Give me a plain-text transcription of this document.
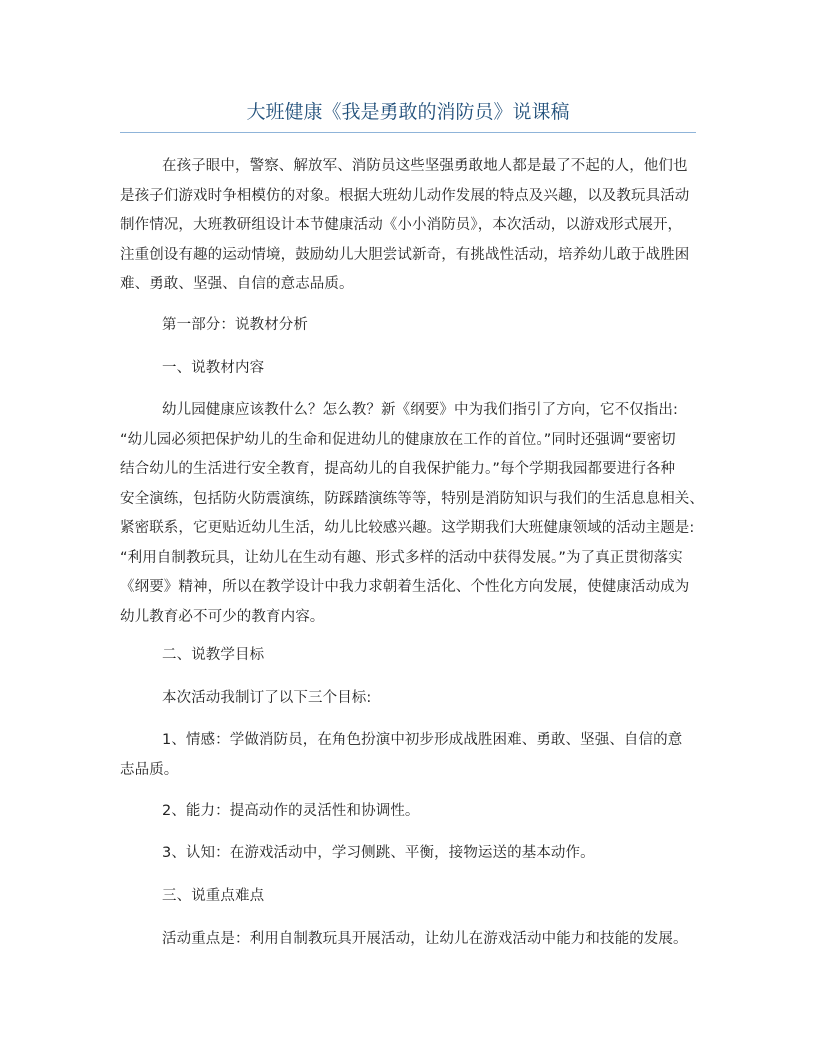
大班健康《我是勇敢的消防员》说课稿
在孩子眼中，警察、解放军、消防员这些坚强勇敢地人都是最了不起的人，他们也
是孩子们游戏时争相模仿的对象。根据大班幼儿动作发展的特点及兴趣，以及教玩具活动
制作情况，大班教研组设计本节健康活动《小小消防员》，本次活动，以游戏形式展开，
注重创设有趣的运动情境，鼓励幼儿大胆尝试新奇，有挑战性活动，培养幼儿敢于战胜困
难、勇敢、坚强、自信的意志品质。
第一部分：说教材分析
一、说教材内容
幼儿园健康应该教什么？怎么教？新《纲要》中为我们指引了方向，它不仅指出:
“幼儿园必须把保护幼儿的生命和促进幼儿的健康放在工作的首位。”同时还强调“要密切
结合幼儿的生活进行安全教育，提高幼儿的自我保护能力。”每个学期我园都要进行各种
安全演练，包括防火防震演练，防踩踏演练等等，特别是消防知识与我们的生活息息相关、
紧密联系，它更贴近幼儿生活，幼儿比较感兴趣。这学期我们大班健康领域的活动主题是:
“利用自制教玩具，让幼儿在生动有趣、形式多样的活动中获得发展。”为了真正贯彻落实
《纲要》精神，所以在教学设计中我力求朝着生活化、个性化方向发展，使健康活动成为
幼儿教育必不可少的教育内容。
二、说教学目标
本次活动我制订了以下三个目标:
1、情感：学做消防员，在角色扮演中初步形成战胜困难、勇敢、坚强、自信的意
志品质。
2、能力：提高动作的灵活性和协调性。
3、认知：在游戏活动中，学习侧跳、平衡，接物运送的基本动作。
三、说重点难点
活动重点是：利用自制教玩具开展活动，让幼儿在游戏活动中能力和技能的发展。
